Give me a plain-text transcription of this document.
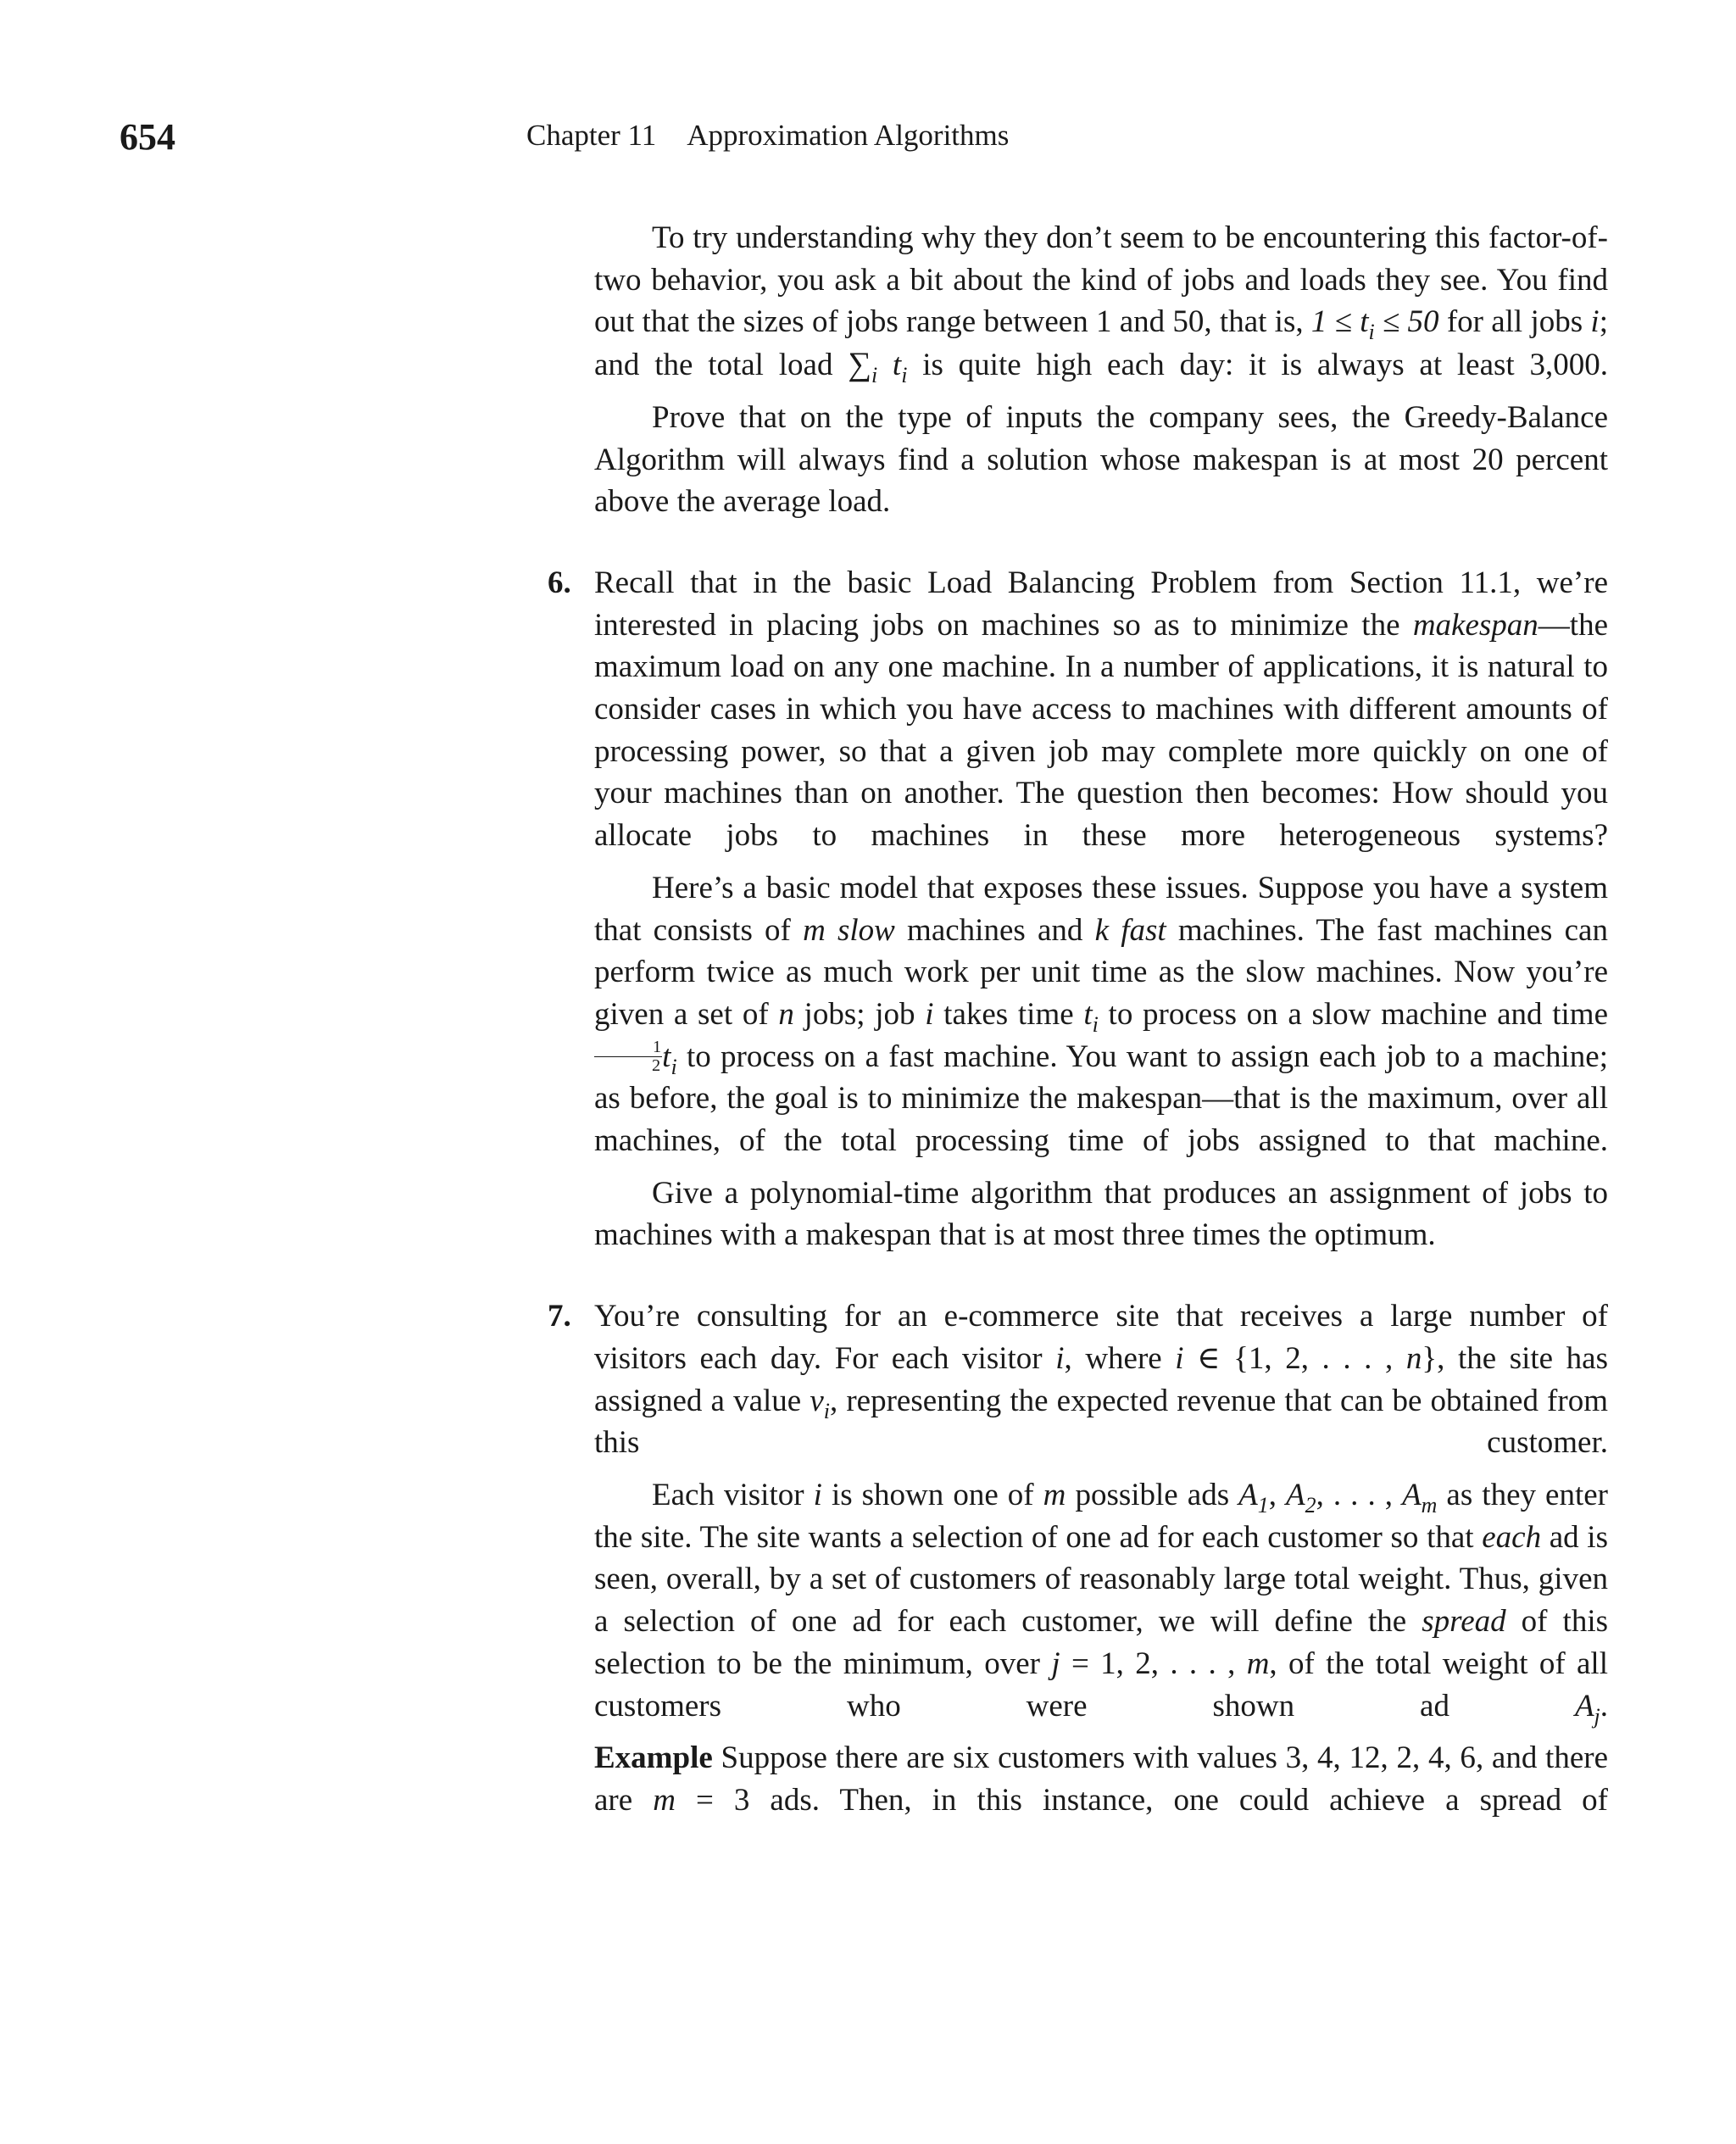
654	Chapter 11 Approximation Algorithms

To try understanding why they don’t seem to be encountering this factor-of-two behavior, you ask a bit about the kind of jobs and loads they see. You find out that the sizes of jobs range between 1 and 50, that is, $1 \le t_i \le 50$ for all jobs i; and the total load $\sum_i$ $t_i$ is quite high each day: it is always at least 3,000.

Prove that on the type of inputs the company sees, the Greedy-Balance Algorithm will always find a solution whose makespan is at most 20 percent above the average load.

6. Recall that in the basic Load Balancing Problem from Section 11.1, we’re interested in placing jobs on machines so as to minimize the makespan—the maximum load on any one machine. In a number of applications, it is natural to consider cases in which you have access to machines with different amounts of processing power, so that a given job may complete more quickly on one of your machines than on another. The question then becomes: How should you allocate jobs to machines in these more heterogeneous systems?

Here’s a basic model that exposes these issues. Suppose you have a system that consists of m slow machines and k fast machines. The fast machines can perform twice as much work per unit time as the slow machines. Now you’re given a set of n jobs; job i takes time $t_i$ to process on a slow machine and time
$\frac{1}{2} t_i$ to process on a fast machine. You want to assign each job to a machine; as before, the goal is to minimize the makespan—that is the maximum, over all machines, of the total processing time of jobs assigned to that machine.

Give a polynomial-time algorithm that produces an assignment of jobs to machines with a makespan that is at most three times the optimum.

7. You’re consulting for an e-commerce site that receives a large number of visitors each day. For each visitor i, where i ∈ {1, 2, . . . , n}, the site has assigned a value $v_i$, representing the expected revenue that can be obtained from this customer.

Each visitor i is shown one of m possible ads $A_1$, $A_2$, . . . , $A_m$ as they enter the site. The site wants a selection of one ad for each customer so that each ad is seen, overall, by a set of customers of reasonably large total weight. Thus, given a selection of one ad for each customer, we will define the spread of this selection to be the minimum, over j = 1, 2, . . . , m, of the total weight of all customers who were shown ad $A_j$.

Example Suppose there are six customers with values 3, 4, 12, 2, 4, 6, and there are m = 3 ads. Then, in this instance, one could achieve a spread of
